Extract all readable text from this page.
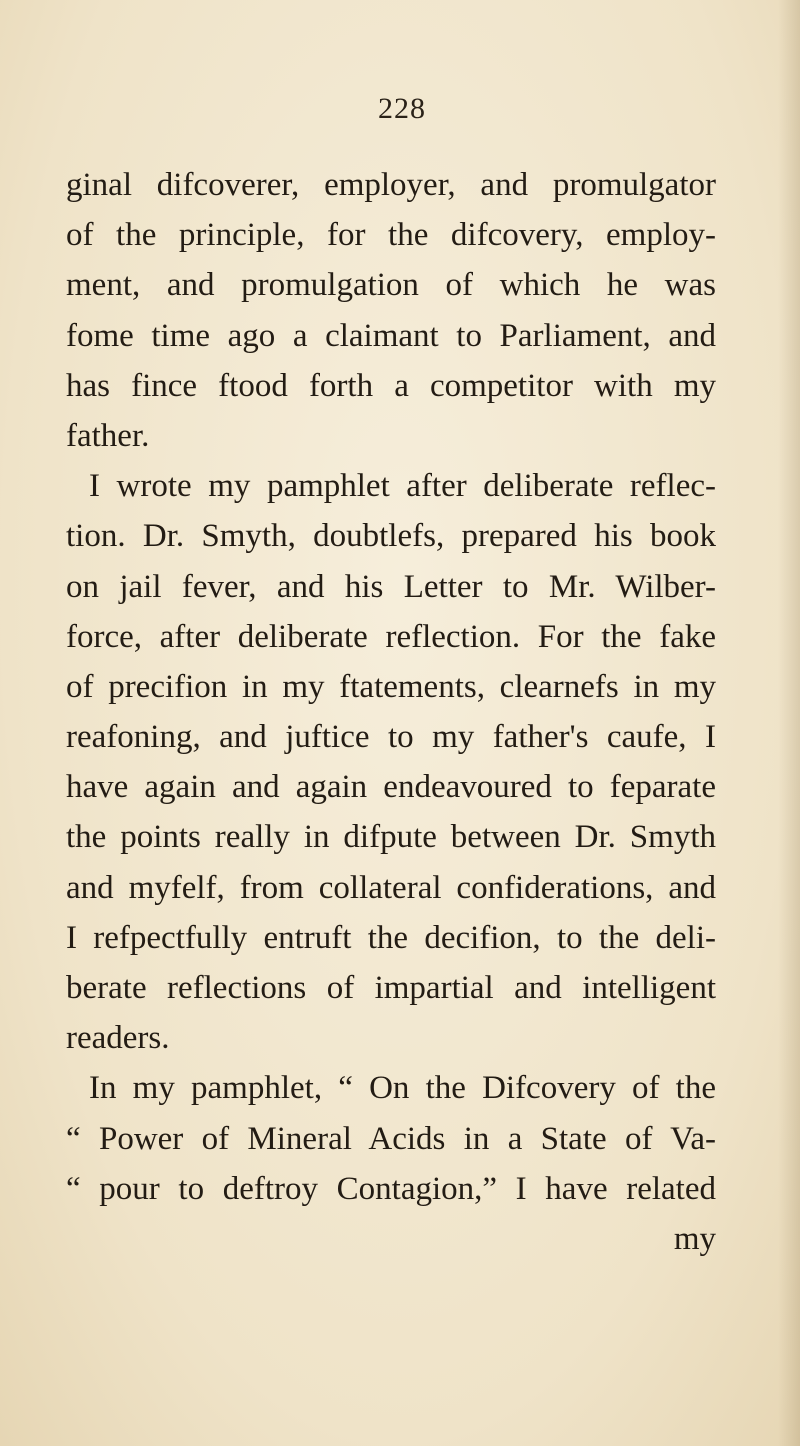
228
ginal difcoverer, employer, and promulgator
of the principle, for the difcovery, employ-
ment, and promulgation of which he was
fome time ago a claimant to Parliament, and
has fince ftood forth a competitor with my
father.
I wrote my pamphlet after deliberate reflec-
tion. Dr. Smyth, doubtlefs, prepared his book
on jail fever, and his Letter to Mr. Wilber-
force, after deliberate reflection. For the fake
of precifion in my ftatements, clearnefs in my
reafoning, and juftice to my father's caufe, I
have again and again endeavoured to feparate
the points really in difpute between Dr. Smyth
and myfelf, from collateral confiderations, and
I refpectfully entruft the decifion, to the deli-
berate reflections of impartial and intelligent
readers.
In my pamphlet, “ On the Difcovery of the
“ Power of Mineral Acids in a State of Va-
“ pour to deftroy Contagion,” I have related
my
